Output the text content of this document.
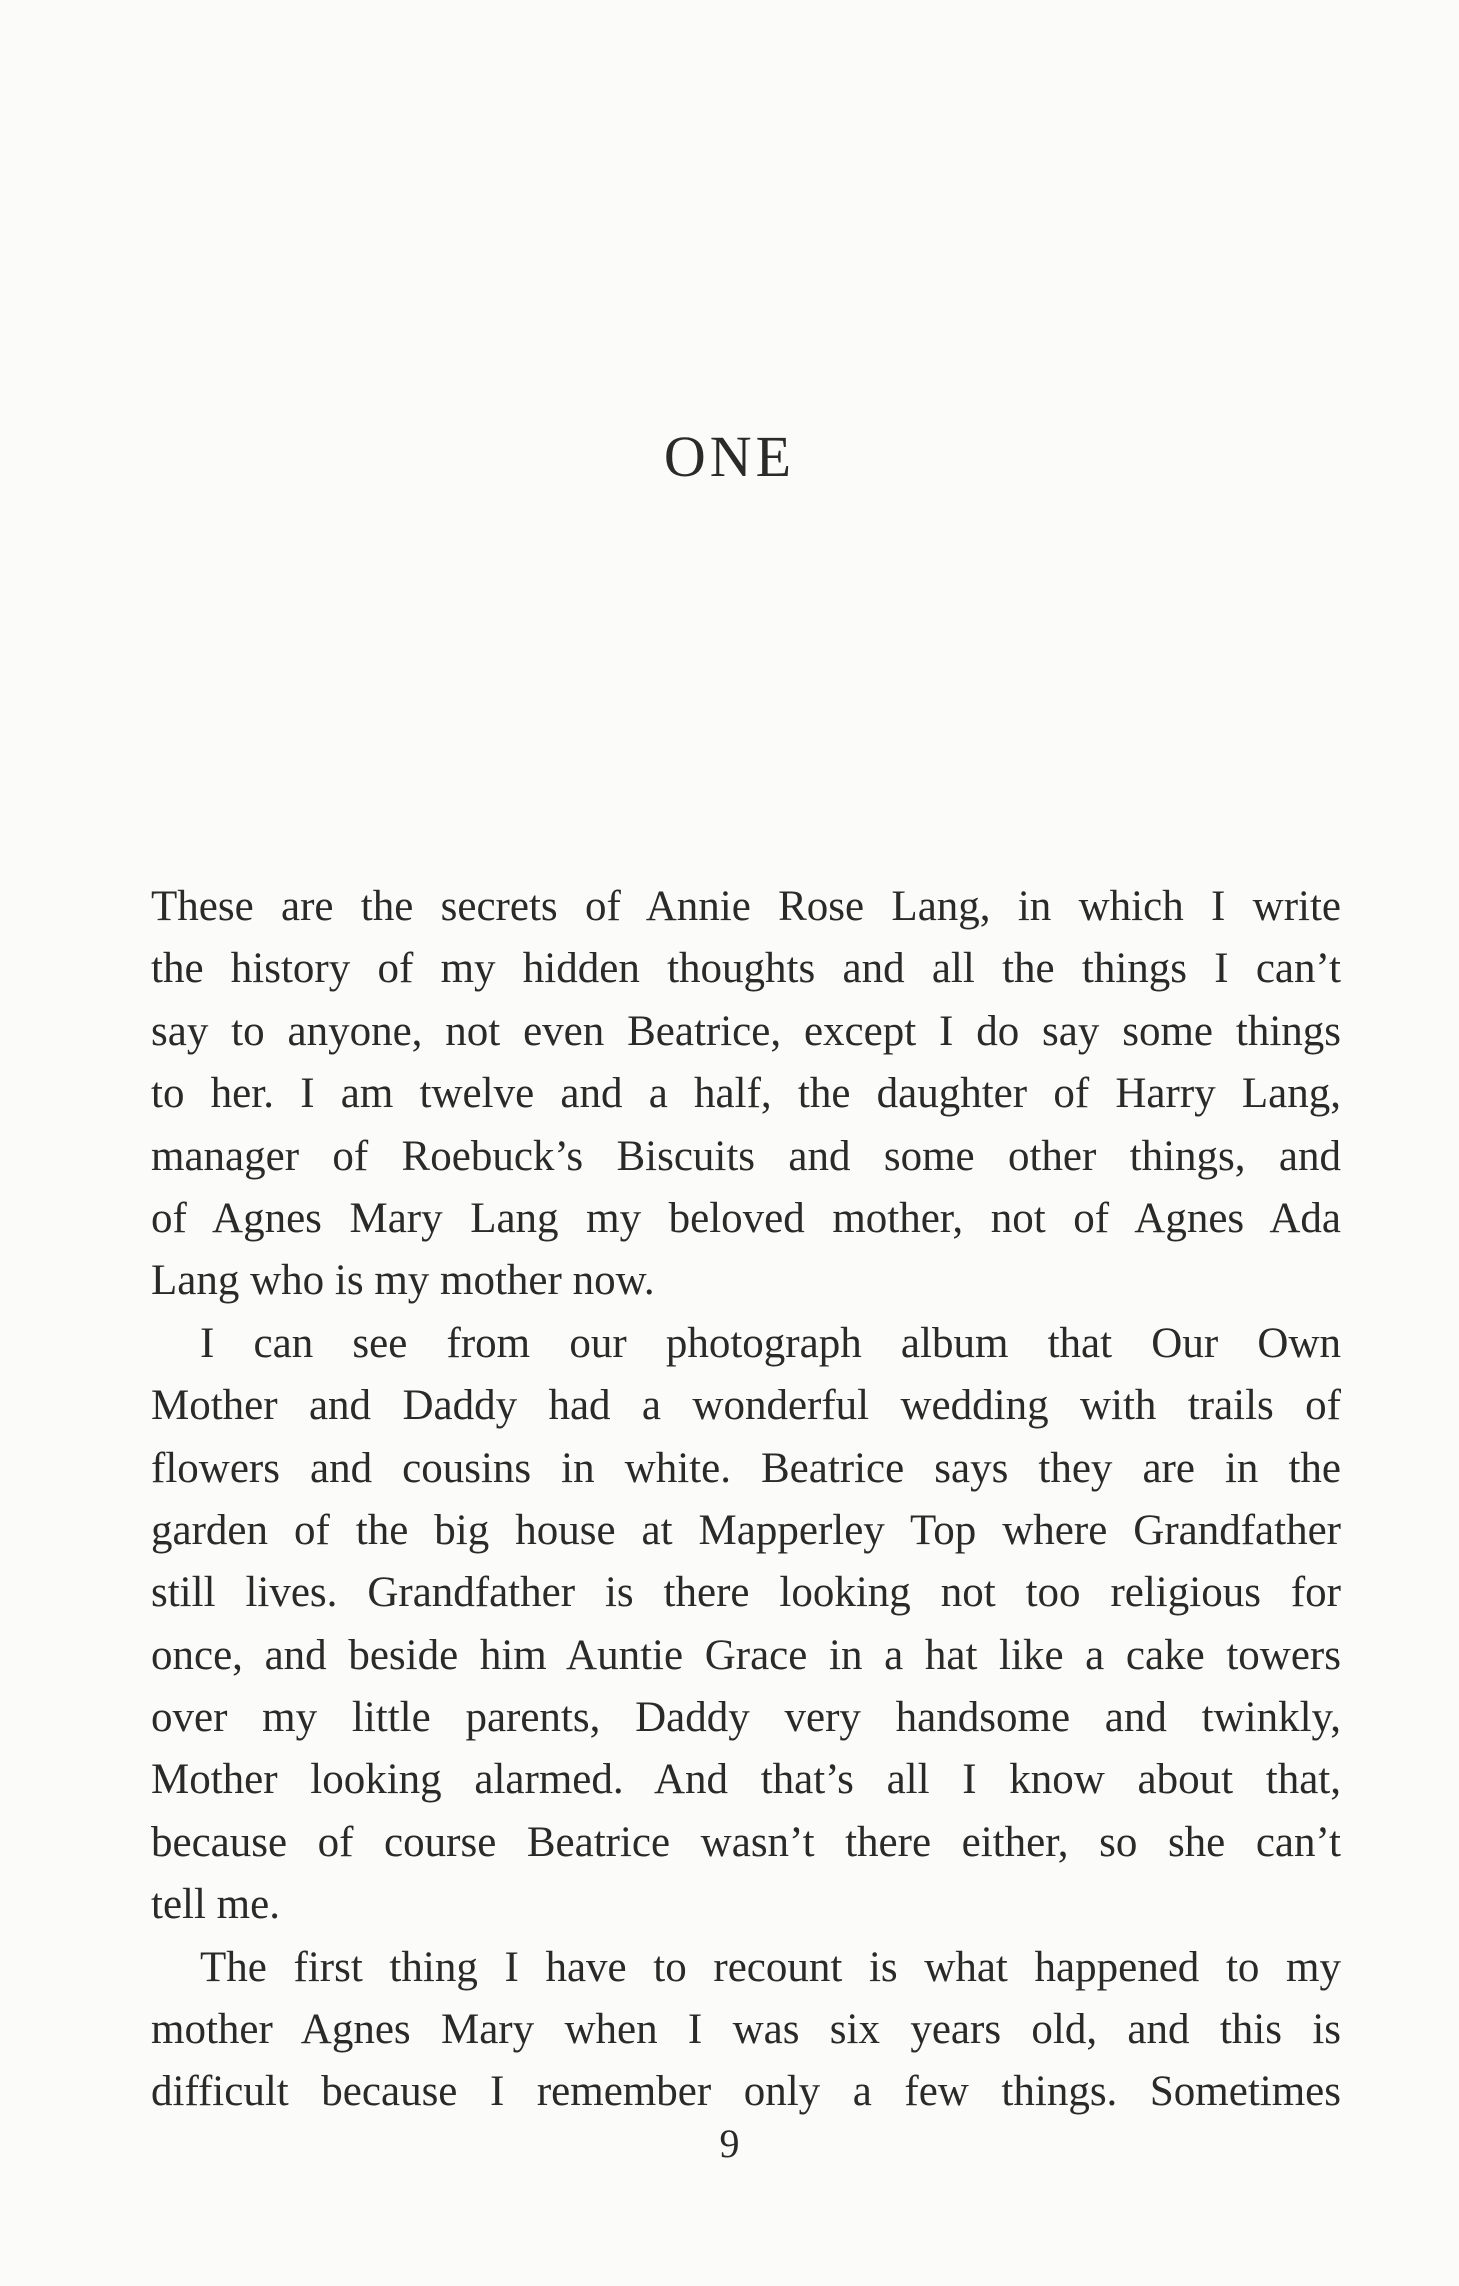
ONE
These are the secrets of Annie Rose Lang, in which I write
the history of my hidden thoughts and all the things I can’t
say to anyone, not even Beatrice, except I do say some things
to her. I am twelve and a half, the daughter of Harry Lang,
manager of Roebuck’s Biscuits and some other things, and
of Agnes Mary Lang my beloved mother, not of Agnes Ada
Lang who is my mother now.
I can see from our photograph album that Our Own
Mother and Daddy had a wonderful wedding with trails of
flowers and cousins in white. Beatrice says they are in the
garden of the big house at Mapperley Top where Grandfather
still lives. Grandfather is there looking not too religious for
once, and beside him Auntie Grace in a hat like a cake towers
over my little parents, Daddy very handsome and twinkly,
Mother looking alarmed. And that’s all I know about that,
because of course Beatrice wasn’t there either, so she can’t
tell me.
The first thing I have to recount is what happened to my
mother Agnes Mary when I was six years old, and this is
difficult because I remember only a few things. Sometimes
9
